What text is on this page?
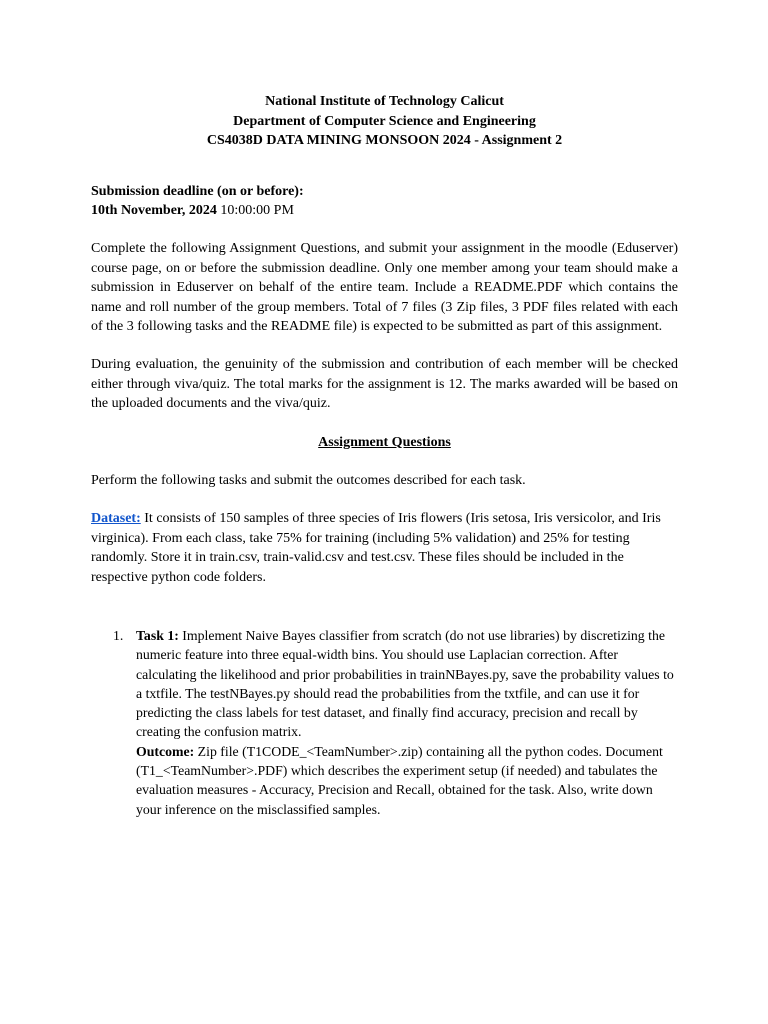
National Institute of Technology Calicut
Department of Computer Science and Engineering
CS4038D DATA MINING MONSOON 2024 - Assignment 2
Submission deadline (on or before):
10th November, 2024 10:00:00 PM

Complete the following Assignment Questions, and submit your assignment in the moodle (Eduserver) course page, on or before the submission deadline. Only one member among your team should make a submission in Eduserver on behalf of the entire team. Include a README.PDF which contains the name and roll number of the group members. Total of 7 files (3 Zip files, 3 PDF files related with each of the 3 following tasks and the README file) is expected to be submitted as part of this assignment.

During evaluation, the genuinity of the submission and contribution of each member will be checked either through viva/quiz. The total marks for the assignment is 12. The marks awarded will be based on the uploaded documents and the viva/quiz.

Assignment Questions

Perform the following tasks and submit the outcomes described for each task.

Dataset: It consists of 150 samples of three species of Iris flowers (Iris setosa, Iris versicolor, and Iris virginica). From each class, take 75% for training (including 5% validation) and 25% for testing randomly. Store it in train.csv, train-valid.csv and test.csv. These files should be included in the respective python code folders.

1. Task 1: Implement Naive Bayes classifier from scratch (do not use libraries) by discretizing the numeric feature into three equal-width bins. You should use Laplacian correction. After calculating the likelihood and prior probabilities in trainNBayes.py, save the probability values to a txtfile. The testNBayes.py should read the probabilities from the txtfile, and can use it for predicting the class labels for test dataset, and finally find accuracy, precision and recall by creating the confusion matrix.
Outcome: Zip file (T1CODE_<TeamNumber>.zip) containing all the python codes. Document (T1_<TeamNumber>.PDF) which describes the experiment setup (if needed) and tabulates the evaluation measures - Accuracy, Precision and Recall, obtained for the task. Also, write down your inference on the misclassified samples.
